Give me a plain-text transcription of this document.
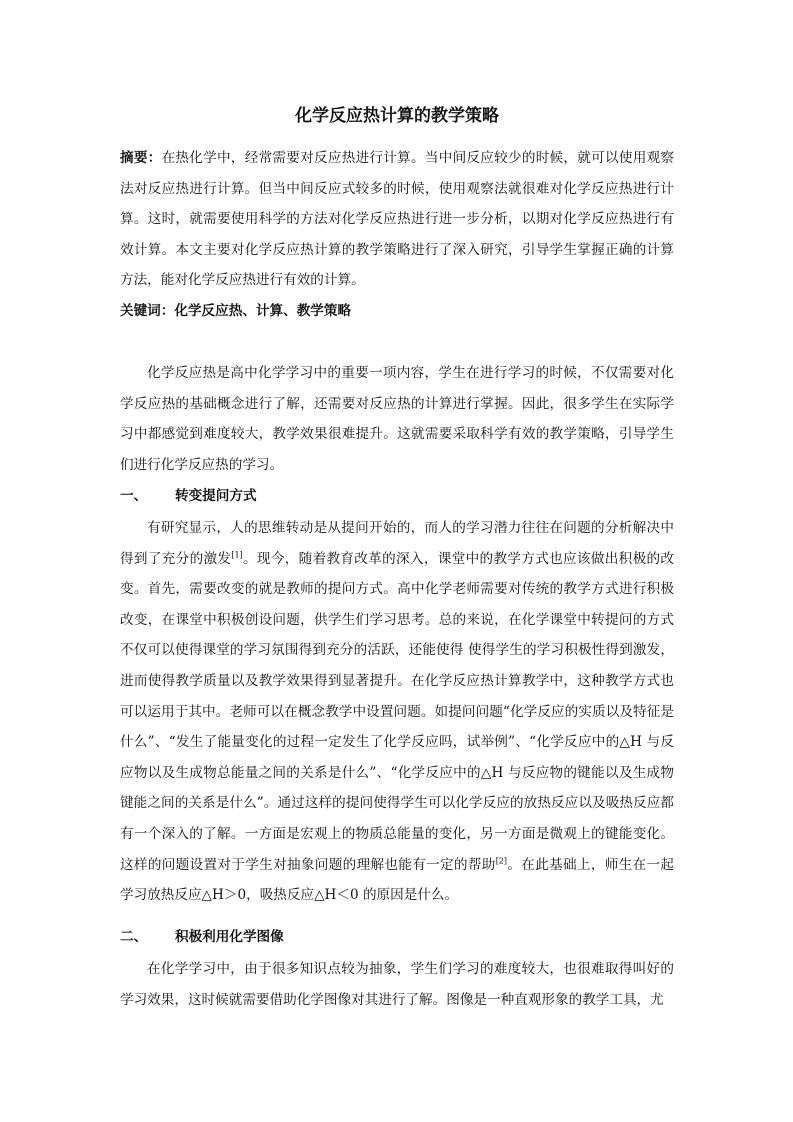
化学反应热计算的教学策略

摘要：在热化学中，经常需要对反应热进行计算。当中间反应较少的时候，就可以使用观察法对反应热进行计算。但当中间反应式较多的时候，使用观察法就很难对化学反应热进行计算。这时，就需要使用科学的方法对化学反应热进行进一步分析，以期对化学反应热进行有效计算。本文主要对化学反应热计算的教学策略进行了深入研究，引导学生掌握正确的计算方法，能对化学反应热进行有效的计算。

关键词：化学反应热、计算、教学策略

化学反应热是高中化学学习中的重要一项内容，学生在进行学习的时候，不仅需要对化学反应热的基础概念进行了解，还需要对反应热的计算进行掌握。因此，很多学生在实际学习中都感觉到难度较大，教学效果很难提升。这就需要采取科学有效的教学策略，引导学生们进行化学反应热的学习。

一、 转变提问方式

有研究显示，人的思维转动是从提问开始的，而人的学习潜力往往在问题的分析解决中得到了充分的激发[1]。现今，随着教育改革的深入，课堂中的教学方式也应该做出积极的改变。首先，需要改变的就是教师的提问方式。高中化学老师需要对传统的教学方式进行积极改变，在课堂中积极创设问题，供学生们学习思考。总的来说，在化学课堂中转提问的方式不仅可以使得课堂的学习氛围得到充分的活跃，还能使得 使得学生的学习积极性得到激发，进而使得教学质量以及教学效果得到显著提升。在化学反应热计算教学中，这种教学方式也可以运用于其中。老师可以在概念教学中设置问题。如提问问题“化学反应的实质以及特征是什么”、“发生了能量变化的过程一定发生了化学反应吗，试举例”、“化学反应中的△H 与反应物以及生成物总能量之间的关系是什么”、“化学反应中的△H 与反应物的键能以及生成物键能之间的关系是什么”。通过这样的提问使得学生可以化学反应的放热反应以及吸热反应都有一个深入的了解。一方面是宏观上的物质总能量的变化，另一方面是微观上的键能变化。这样的问题设置对于学生对抽象问题的理解也能有一定的帮助[2]。在此基础上，师生在一起学习放热反应△H＞0，吸热反应△H＜0 的原因是什么。

二、 积极利用化学图像

在化学学习中，由于很多知识点较为抽象，学生们学习的难度较大，也很难取得叫好的学习效果，这时候就需要借助化学图像对其进行了解。图像是一种直观形象的教学工具，尤
